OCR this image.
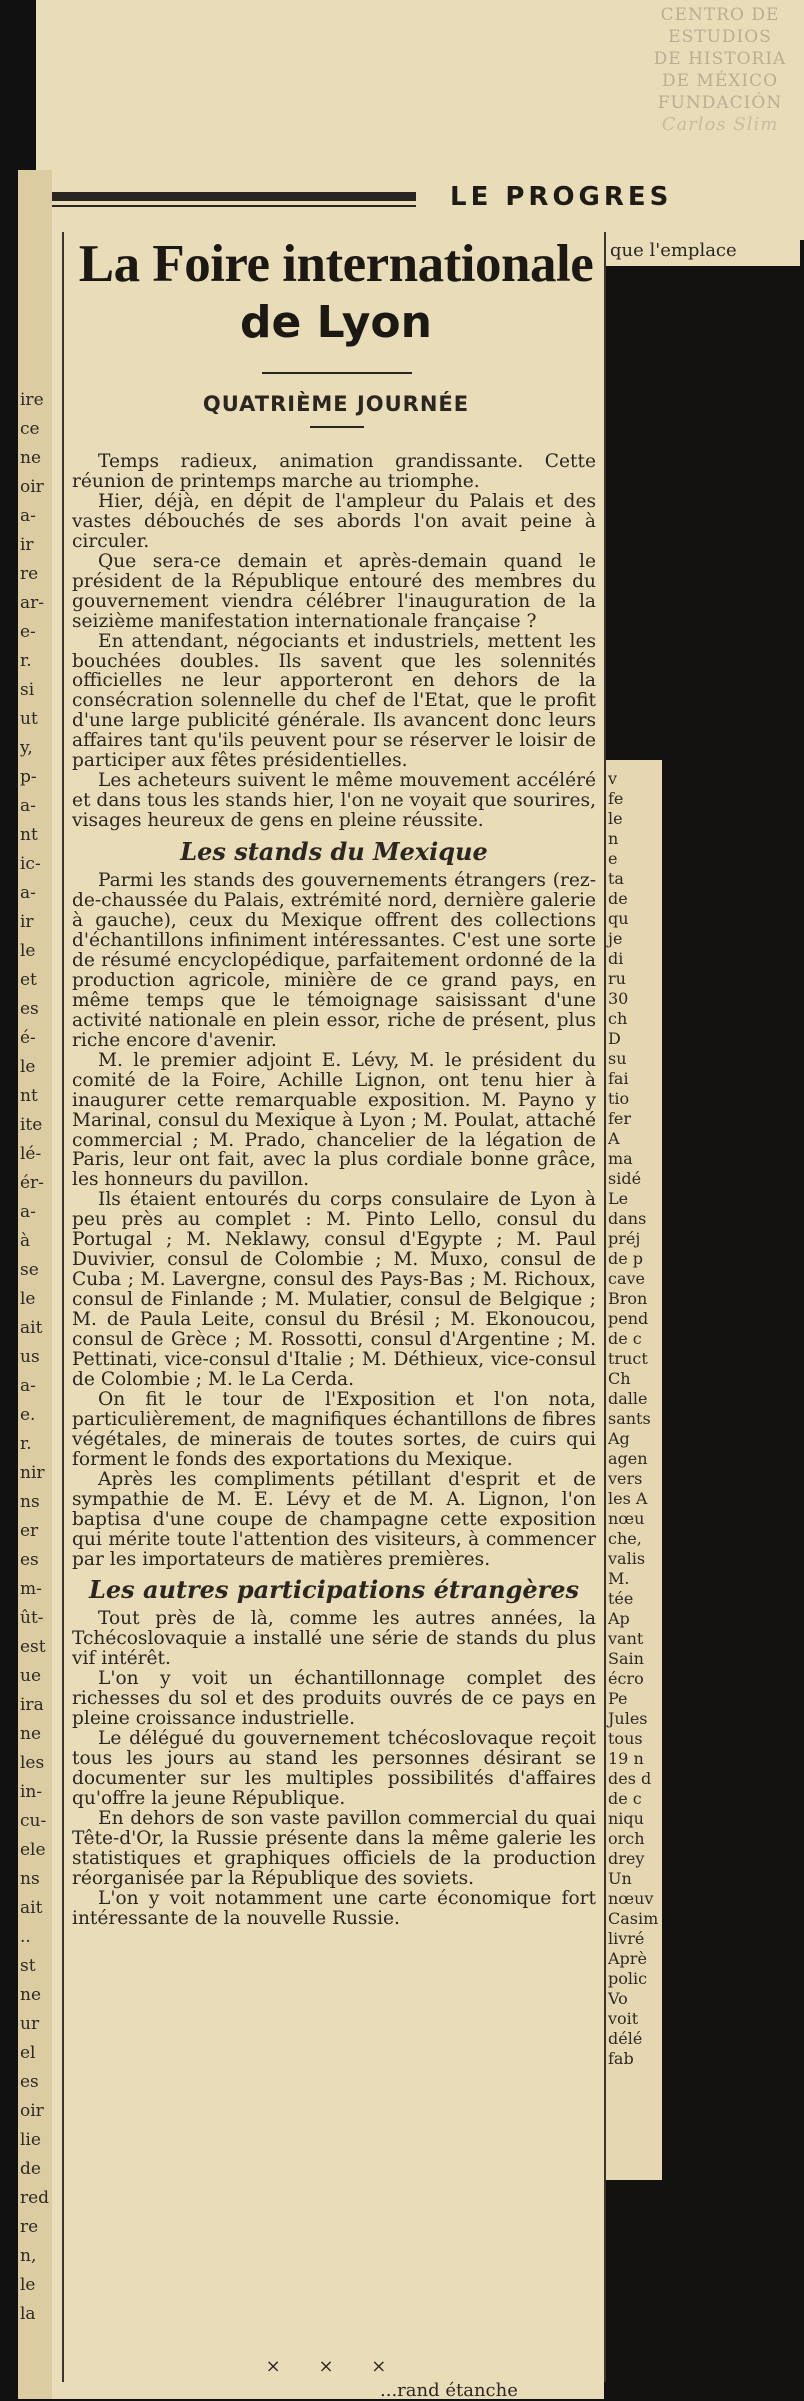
CENTRO DE
ESTUDIOS
DE HISTORIA
DE MÉXICO
FUNDACIÓN
Carlos Slim
LE PROGRES
que l'emplace
ire
ce
ne
oir
a-
ir
re
ar-
e-
r.
si
ut
y,
p-
a-
nt
ic-
a-
ir
le
et
es
é-
le
nt
ite
lé-
ér-
a-
à
se
le
ait
us
a-
e.
r.
nir
ns
er
es
m-
ût-
est
ue
ira
ne
les
in-
cu-
ele
ns
ait
..
st
ne
ur
el
es
oir
lie
de
red
re
n,
le
la
v
fe
le
n
e
ta
de
qu
je
di
ru
30
ch
D
su
fai
tio
fer
A
ma
sidé
Le
dans
préj
de p
cave
Bron
pend
de c
truct
Ch
dalle
sants
Ag
agen
vers
les A
nœu
che,
valis
M.
tée
Ap
vant
Sain
écro
Pe
Jules
tous
19 n
des d
de c
niqu
orch
drey
Un
nœuv
Casim
livré
Aprè
polic
Vo
voit
délé
fab
La Foire internationale
de Lyon
QUATRIÈME JOURNÉE

Temps radieux, animation grandissante. Cette réunion de printemps marche au triomphe.

Hier, déjà, en dépit de l'ampleur du Palais et des vastes débouchés de ses abords l'on avait peine à circuler.

Que sera-ce demain et après-demain quand le président de la République entouré des membres du gouvernement viendra célébrer l'inauguration de la seizième manifestation internationale française ?

En attendant, négociants et industriels, mettent les bouchées doubles. Ils savent que les solennités officielles ne leur apporteront en dehors de la consécration solennelle du chef de l'Etat, que le profit d'une large publicité générale. Ils avancent donc leurs affaires tant qu'ils peuvent pour se réserver le loisir de participer aux fêtes présidentielles.

Les acheteurs suivent le même mouvement accéléré et dans tous les stands hier, l'on ne voyait que sourires, visages heureux de gens en pleine réussite.

Les stands du Mexique

Parmi les stands des gouvernements étrangers (rez-de-chaussée du Palais, extrémité nord, dernière galerie à gauche), ceux du Mexique offrent des collections d'échantillons infiniment intéressantes. C'est une sorte de résumé encyclopédique, parfaitement ordonné de la production agricole, minière de ce grand pays, en même temps que le témoignage saisissant d'une activité nationale en plein essor, riche de présent, plus riche encore d'avenir.

M. le premier adjoint E. Lévy, M. le président du comité de la Foire, Achille Lignon, ont tenu hier à inaugurer cette remarquable exposition. M. Payno y Marinal, consul du Mexique à Lyon ; M. Poulat, attaché commercial ; M. Prado, chancelier de la légation de Paris, leur ont fait, avec la plus cordiale bonne grâce, les honneurs du pavillon.

Ils étaient entourés du corps consulaire de Lyon à peu près au complet : M. Pinto Lello, consul du Portugal ; M. Neklawy, consul d'Egypte ; M. Paul Duvivier, consul de Colombie ; M. Muxo, consul de Cuba ; M. Lavergne, consul des Pays-Bas ; M. Richoux, consul de Finlande ; M. Mulatier, consul de Belgique ; M. de Paula Leite, consul du Brésil ; M. Ekonoucou, consul de Grèce ; M. Rossotti, consul d'Argentine ; M. Pettinati, vice-consul d'Italie ; M. Déthieux, vice-consul de Colombie ; M. le La Cerda.

On fit le tour de l'Exposition et l'on nota, particulièrement, de magnifiques échantillons de fibres végétales, de minerais de toutes sortes, de cuirs qui forment le fonds des exportations du Mexique.

Après les compliments pétillant d'esprit et de sympathie de M. E. Lévy et de M. A. Lignon, l'on baptisa d'une coupe de champagne cette exposition qui mérite toute l'attention des visiteurs, à commencer par les importateurs de matières premières.

Les autres participations étrangères

Tout près de là, comme les autres années, la Tchécoslovaquie a installé une série de stands du plus vif intérêt.

L'on y voit un échantillonnage complet des richesses du sol et des produits ouvrés de ce pays en pleine croissance industrielle.

Le délégué du gouvernement tchécoslovaque reçoit tous les jours au stand les personnes désirant se documenter sur les multiples possibilités d'affaires qu'offre la jeune République.

En dehors de son vaste pavillon commercial du quai Tête-d'Or, la Russie présente dans la même galerie les statistiques et graphiques officiels de la production réorganisée par la République des soviets.

L'on y voit notamment une carte économique fort intéressante de la nouvelle Russie.

× × ×
...rand étanche
